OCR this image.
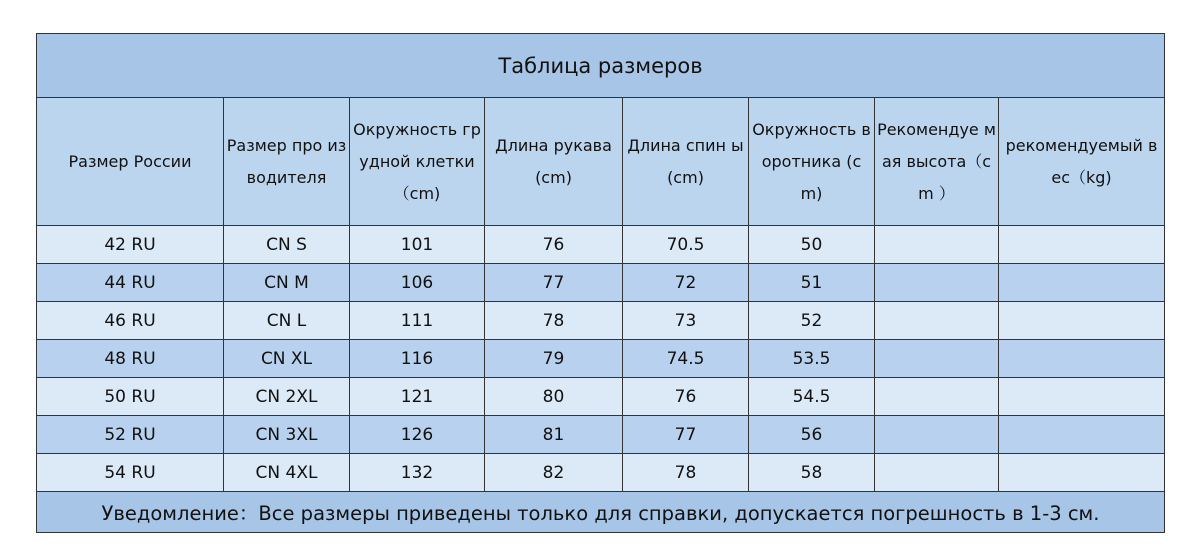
Таблица размеров							
Размер России	Размер про изводителя	Окружность грудной клетки（cm)	Длина рукава (cm)	Длина спин ы (cm)	Окружность воротника (cm)	Рекомендуе мая высота（cm ）	рекомендуемый вес（kg)
42 RU	CN S	101	76	70.5	50		
44 RU	CN M	106	77	72	51		
46 RU	CN L	111	78	73	52		
48 RU	CN XL	116	79	74.5	53.5		
50 RU	CN 2XL	121	80	76	54.5		
52 RU	CN 3XL	126	81	77	56		
54 RU	CN 4XL	132	82	78	58		
Уведомление：Все размеры приведены только для справки, допускается погрешность в 1-3 см.							
